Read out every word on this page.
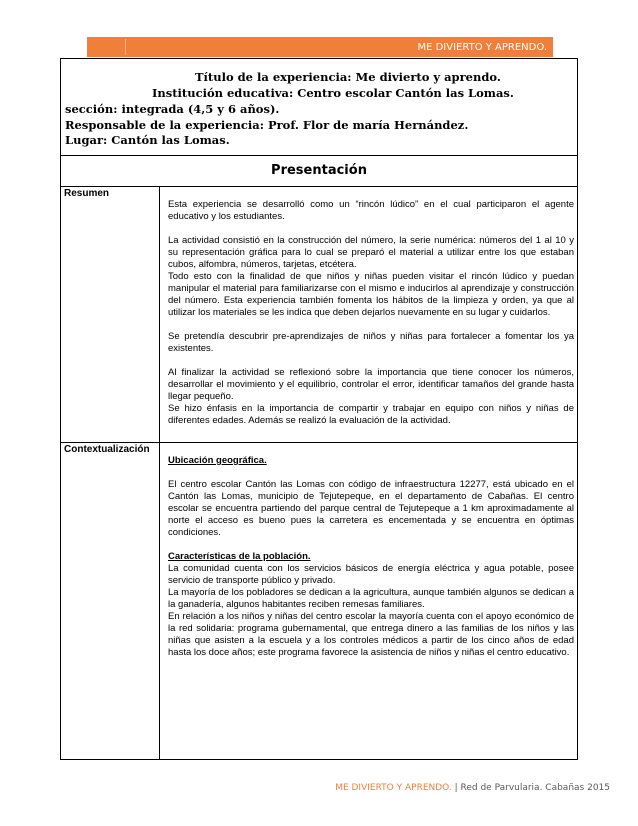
ME DIVIERTO Y APRENDO.
Título de la experiencia: Me divierto y aprendo.
Institución educativa: Centro escolar Cantón las Lomas.
sección: integrada (4,5 y 6 años).
Responsable de la experiencia: Prof. Flor de maría Hernández.
Lugar: Cantón las Lomas.
Presentación
Resumen

Esta experiencia se desarrolló como un “rincón lúdico” en el cual participaron el agente educativo y los estudiantes.

La actividad consistió en la construcción del número, la serie numérica: números del 1 al 10 y su representación gráfica para lo cual se preparó el material a utilizar entre los que estaban cubos, alfombra, números, tarjetas, etcétera.

Todo esto con la finalidad de que niños y niñas pueden visitar el rincón lúdico y puedan manipular el material para familiarizarse con el mismo e inducirlos al aprendizaje y construcción del número. Esta experiencia también fomenta los hábitos de la limpieza y orden, ya que al utilizar los materiales se les indica que deben dejarlos nuevamente en su lugar y cuidarlos.

Se pretendía descubrir pre-aprendizajes de niños y niñas para fortalecer a fomentar los ya existentes.

Al finalizar la actividad se reflexionó sobre la importancia que tiene conocer los números, desarrollar el movimiento y el equilibrio, controlar el error, identificar tamaños del grande hasta llegar pequeño.

Se hizo énfasis en la importancia de compartir y trabajar en equipo con niños y niñas de diferentes edades. Además se realizó la evaluación de la actividad.

Contextualización

Ubicación geográfica.

El centro escolar Cantón las Lomas con código de infraestructura 12277, está ubicado en el Cantón las Lomas, municipio de Tejutepeque, en el departamento de Cabañas. El centro escolar se encuentra partiendo del parque central de Tejutepeque a 1 km aproximadamente al norte el acceso es bueno pues la carretera es encementada y se encuentra en óptimas condiciones.

Características de la población.

La comunidad cuenta con los servicios básicos de energía eléctrica y agua potable, posee servicio de transporte público y privado.

La mayoría de los pobladores se dedican a la agricultura, aunque también algunos se dedican a la ganadería, algunos habitantes reciben remesas familiares.

En relación a los niños y niñas del centro escolar la mayoría cuenta con el apoyo económico de la red solidaria: programa gubernamental, que entrega dinero a las familias de los niños y las niñas que asisten a la escuela y a los controles médicos a partir de los cinco años de edad hasta los doce años; este programa favorece la asistencia de niños y niñas el centro educativo.

ME DIVIERTO Y APRENDO. | Red de Parvularia. Cabañas 2015
